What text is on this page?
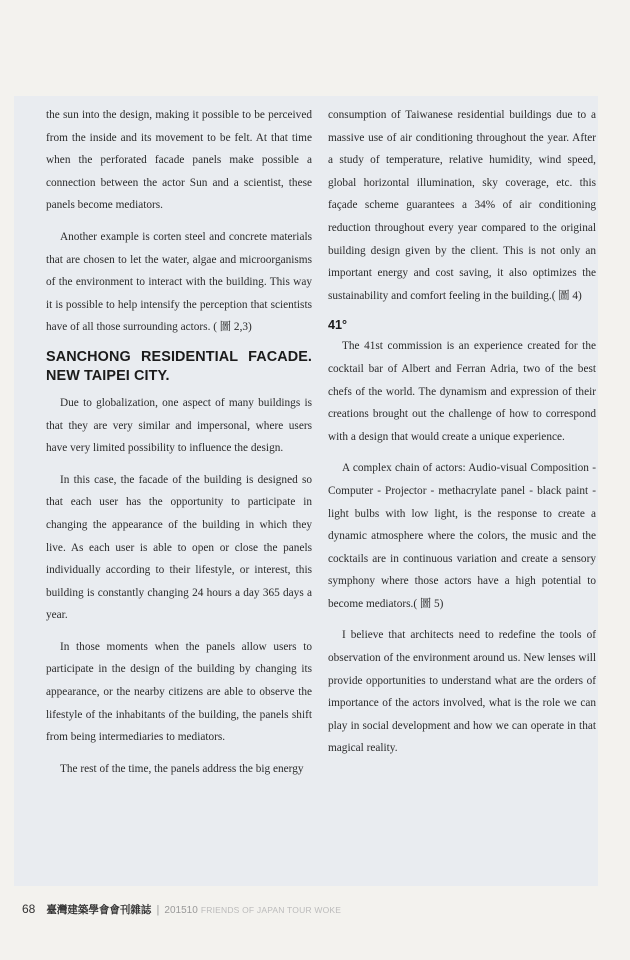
the sun into the design, making it possible to be perceived from the inside and its movement to be felt. At that time when the perforated facade panels make possible a connection between the actor Sun and a scientist, these panels become mediators.

Another example is corten steel and concrete materials that are chosen to let the water, algae and microorganisms of the environment to interact with the building. This way it is possible to help intensify the perception that scientists have of all those surrounding actors. ( 圖 2,3)

SANCHONG RESIDENTIAL FACADE. NEW TAIPEI CITY.

Due to globalization, one aspect of many buildings is that they are very similar and impersonal, where users have very limited possibility to influence the design.

In this case, the facade of the building is designed so that each user has the opportunity to participate in changing the appearance of the building in which they live. As each user is able to open or close the panels individually according to their lifestyle, or interest, this building is constantly changing 24 hours a day 365 days a year.

In those moments when the panels allow users to participate in the design of the building by changing its appearance, or the nearby citizens are able to observe the lifestyle of the inhabitants of the building, the panels shift from being intermediaries to mediators.

The rest of the time, the panels address the big energy

consumption of Taiwanese residential buildings due to a massive use of air conditioning throughout the year. After a study of temperature, relative humidity, wind speed, global horizontal illumination, sky coverage, etc. this façade scheme guarantees a 34% of air conditioning reduction throughout every year compared to the original building design given by the client. This is not only an important energy and cost saving, it also optimizes the sustainability and comfort feeling in the building.( 圖 4)

41°

The 41st commission is an experience created for the cocktail bar of Albert and Ferran Adria, two of the best chefs of the world. The dynamism and expression of their creations brought out the challenge of how to correspond with a design that would create a unique experience.

A complex chain of actors: Audio-visual Composition - Computer - Projector - methacrylate panel - black paint - light bulbs with low light, is the response to create a dynamic atmosphere where the colors, the music and the cocktails are in continuous variation and create a sensory symphony where those actors have a high potential to become mediators.( 圖 5)

I believe that architects need to redefine the tools of observation of the environment around us. New lenses will provide opportunities to understand what are the orders of importance of the actors involved, what is the role we can play in social development and how we can operate in that magical reality.

68 臺灣建築學會會刊雜誌 | 201510 FRIENDS OF JAPAN TOUR WOKE
